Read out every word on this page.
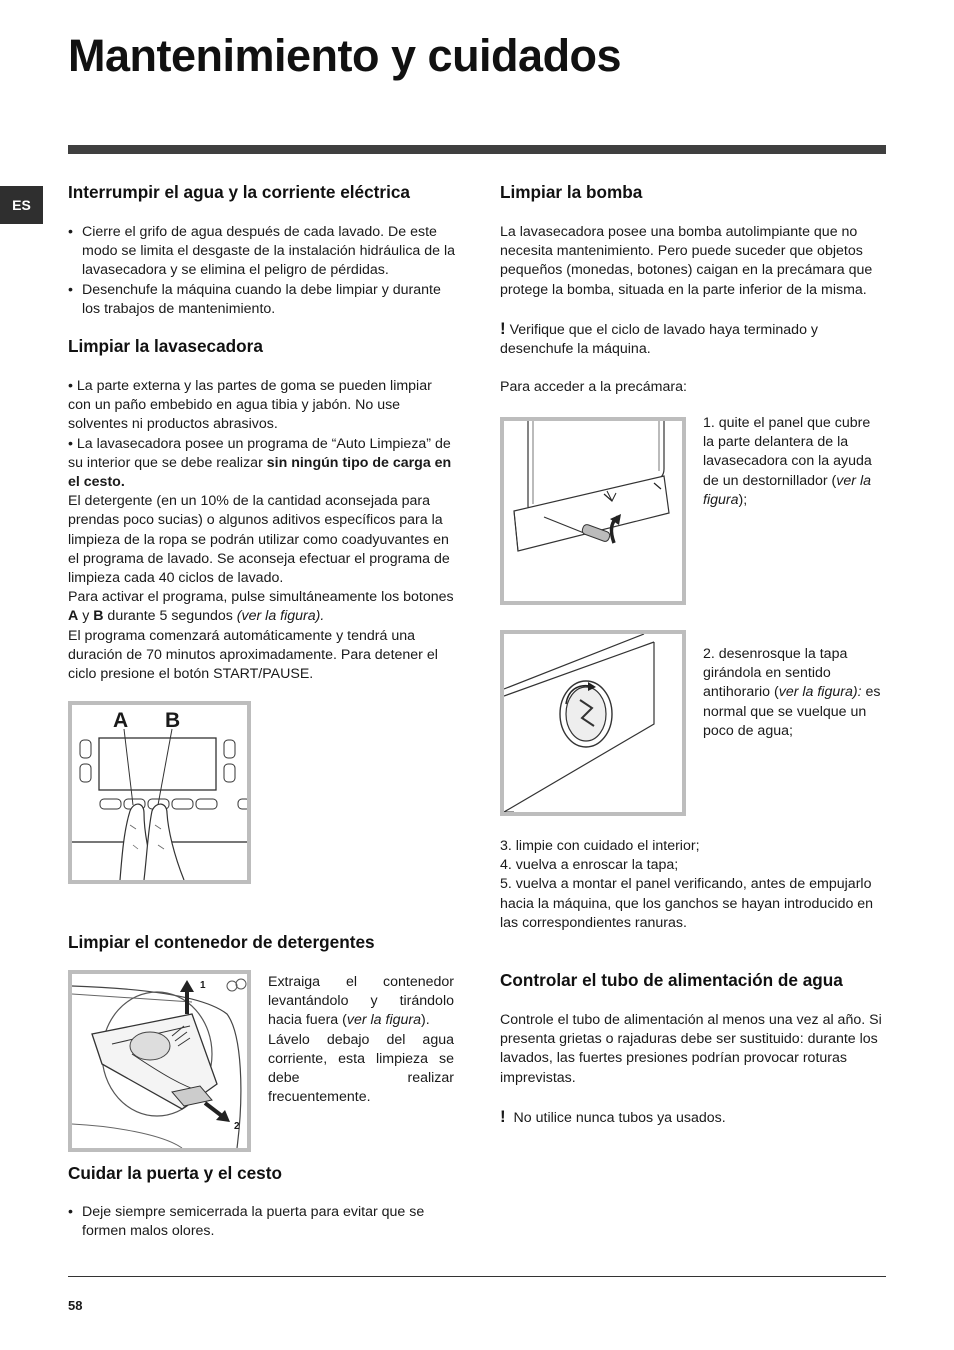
Mantenimiento y cuidados
ES
Interrumpir el agua y la corriente eléctrica

• Cierre el grifo de agua después de cada lavado. De este modo se limita el desgaste de la instalación hidráulica de la lavasecadora y se elimina el peligro de pérdidas.

• Desenchufe la máquina cuando la debe limpiar y durante los trabajos de mantenimiento.

Limpiar la lavasecadora

• La parte externa y las partes de goma se pueden limpiar con un paño embebido en agua tibia y jabón. No use solventes ni productos abrasivos.

• La lavasecadora posee un programa de “Auto Limpieza” de su interior que se debe realizar sin ningún tipo de carga en el cesto.

El detergente (en un 10% de la cantidad aconsejada para prendas poco sucias) o algunos aditivos específicos para la limpieza de la ropa se podrán utilizar como coadyuvantes en el programa de lavado. Se aconseja efectuar el programa de limpieza cada 40 ciclos de lavado.

Para activar el programa, pulse simultáneamente los botones A y B durante 5 segundos (ver la figura).

El programa comenzará automáticamente y tendrá una duración de 70 minutos aproximadamente. Para detener el ciclo presione el botón START/PAUSE.

A B
Limpiar el contenedor de detergentes
1
2

Extraiga el contenedor levantándolo y tirándolo hacia fuera (ver la figura).

Lávelo debajo del agua corriente, esta limpieza se debe realizar frecuentemente.

Cuidar la puerta y el cesto

• Deje siempre semicerrada la puerta para evitar que se formen malos olores.

Limpiar la bomba

La lavasecadora posee una bomba autolimpiante que no necesita mantenimiento. Pero puede suceder que objetos pequeños (monedas, botones) caigan en la precámara que protege la bomba, situada en la parte inferior de la misma.

! Verifique que el ciclo de lavado haya terminado y desenchufe la máquina.

Para acceder a la precámara:

1. quite el panel que cubre la parte delantera de la lavasecadora con la ayuda de un destornillador (ver la figura);

2. desenrosque la tapa girándola en sentido antihorario (ver la figura): es normal que se vuelque un poco de agua;

3. limpie con cuidado el interior;

4. vuelva a enroscar la tapa;

5. vuelva a montar el panel verificando, antes de empujarlo hacia la máquina, que los ganchos se hayan introducido en las correspondientes ranuras.

Controlar el tubo de alimentación de agua

Controle el tubo de alimentación al menos una vez al año. Si presenta grietas o rajaduras debe ser sustituido: durante los lavados, las fuertes presiones podrían provocar roturas imprevistas.

!  No utilice nunca tubos ya usados.

58
